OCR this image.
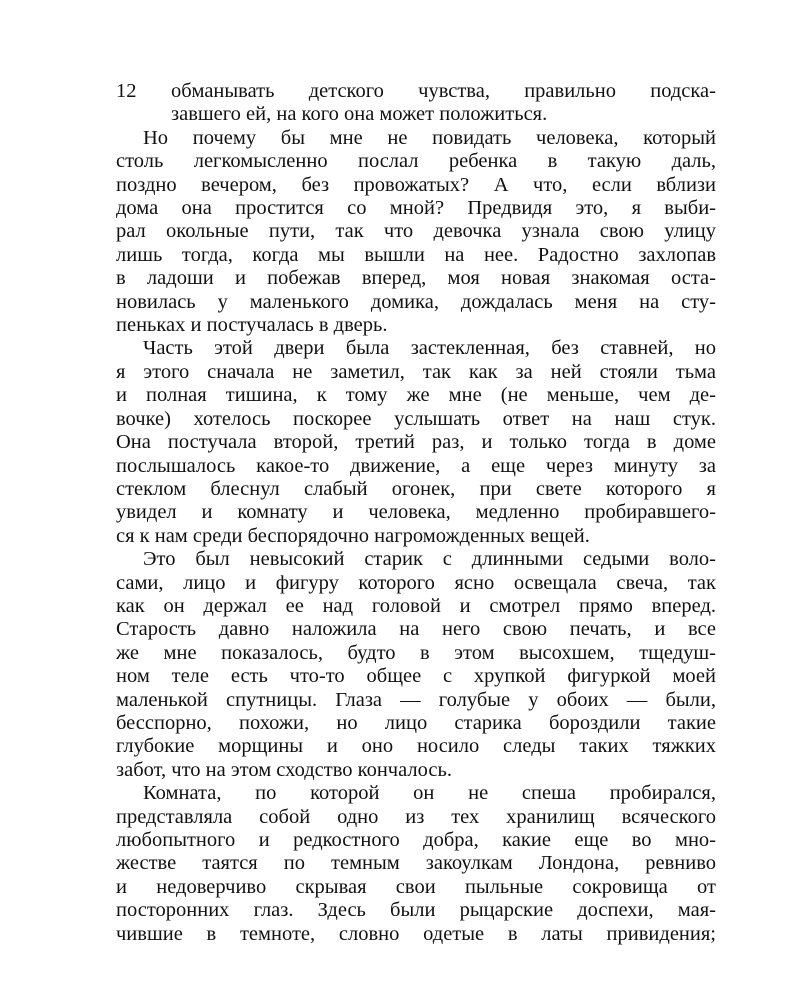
12	обманывать детского чувства, правильно подска-
завшего ей, на кого она может положиться.
Но почему бы мне не повидать человека, который
столь легкомысленно послал ребенка в такую даль,
поздно вечером, без провожатых? А что, если вблизи
дома она простится со мной? Предвидя это, я выби-
рал окольные пути, так что девочка узнала свою улицу
лишь тогда, когда мы вышли на нее. Радостно захлопав
в ладоши и побежав вперед, моя новая знакомая оста-
новилась у маленького домика, дождалась меня на сту-
пеньках и постучалась в дверь.
Часть этой двери была застекленная, без ставней, но
я этого сначала не заметил, так как за ней стояли тьма
и полная тишина, к тому же мне (не меньше, чем де-
вочке) хотелось поскорее услышать ответ на наш стук.
Она постучала второй, третий раз, и только тогда в доме
послышалось какое-то движение, а еще через минуту за
стеклом блеснул слабый огонек, при свете которого я
увидел и комнату и человека, медленно пробиравшего-
ся к нам среди беспорядочно нагроможденных вещей.
Это был невысокий старик с длинными седыми воло-
сами, лицо и фигуру которого ясно освещала свеча, так
как он держал ее над головой и смотрел прямо вперед.
Старость давно наложила на него свою печать, и все
же мне показалось, будто в этом высохшем, тщедуш-
ном теле есть что-то общее с хрупкой фигуркой моей
маленькой спутницы. Глаза — голубые у обоих — были,
бесспорно, похожи, но лицо старика бороздили такие
глубокие морщины и оно носило следы таких тяжких
забот, что на этом сходство кончалось.
Комната, по которой он не спеша пробирался,
представляла собой одно из тех хранилищ всяческого
любопытного и редкостного добра, какие еще во мно-
жестве таятся по темным закоулкам Лондона, ревниво
и недоверчиво скрывая свои пыльные сокровища от
посторонних глаз. Здесь были рыцарские доспехи, мая-
чившие в темноте, словно одетые в латы привидения;
